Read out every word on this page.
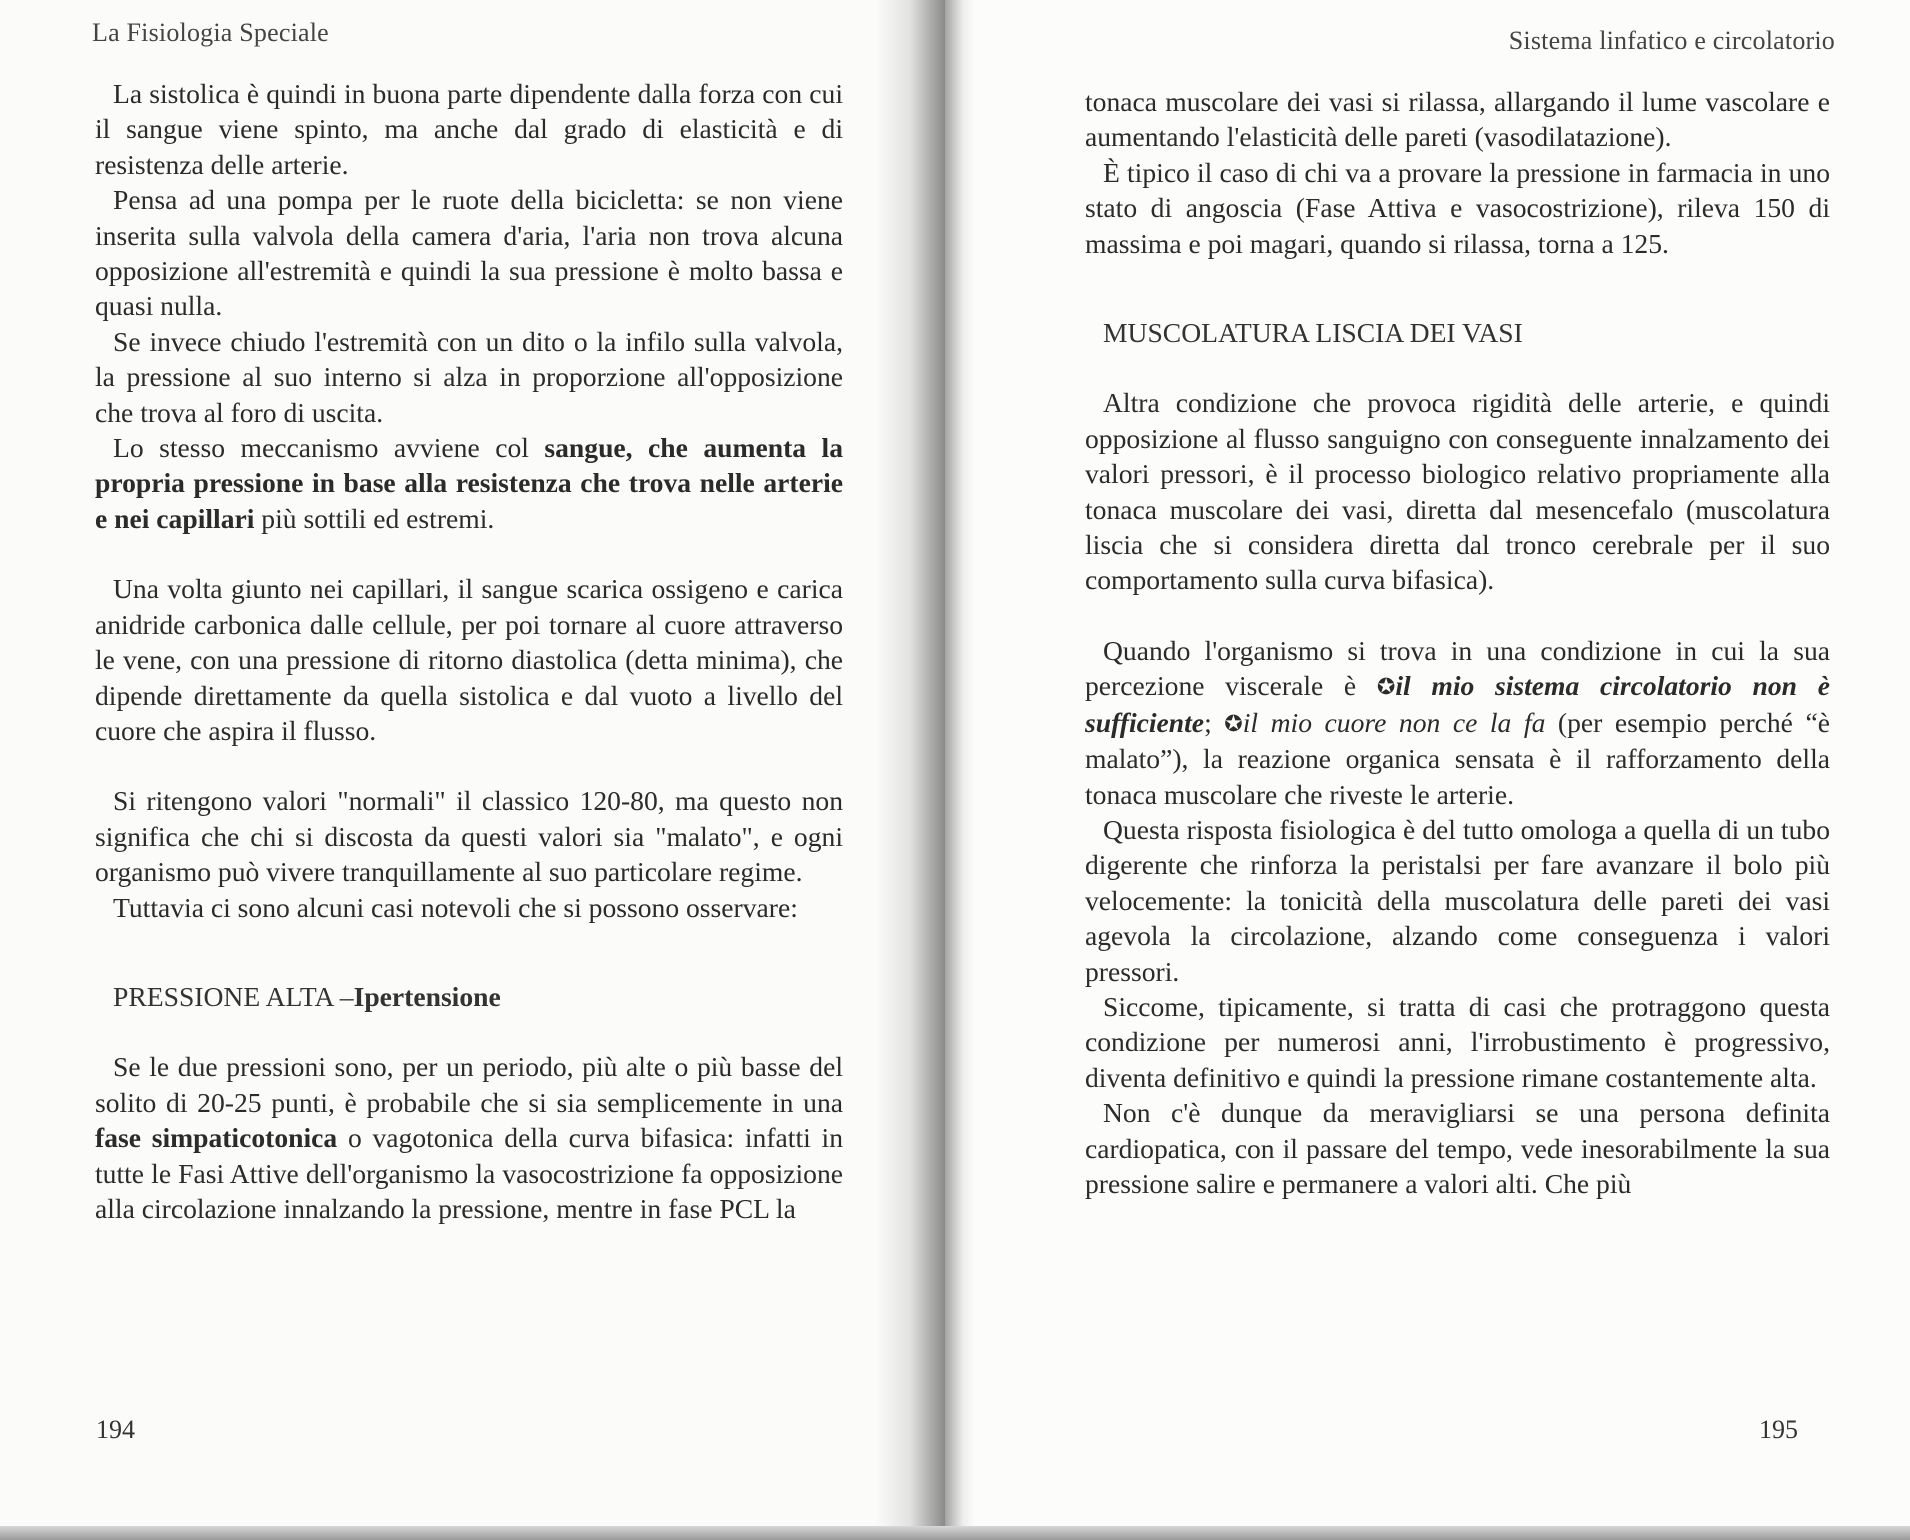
La Fisiologia Speciale

La sistolica è quindi in buona parte dipendente dalla forza con cui il sangue viene spinto, ma anche dal grado di elasticità e di resistenza delle arterie.

Pensa ad una pompa per le ruote della bicicletta: se non viene inserita sulla valvola della camera d'aria, l'aria non trova alcuna opposizione all'estremità e quindi la sua pressione è molto bassa e quasi nulla.

Se invece chiudo l'estremità con un dito o la infilo sulla valvola, la pressione al suo interno si alza in proporzione all'opposizione che trova al foro di uscita.

Lo stesso meccanismo avviene col sangue, che aumenta la propria pressione in base alla resistenza che trova nelle arterie e nei capillari più sottili ed estremi.

Una volta giunto nei capillari, il sangue scarica ossigeno e carica anidride carbonica dalle cellule, per poi tornare al cuore attraverso le vene, con una pressione di ritorno diastolica (detta minima), che dipende direttamente da quella sistolica e dal vuoto a livello del cuore che aspira il flusso.

Si ritengono valori "normali" il classico 120-80, ma questo non significa che chi si discosta da questi valori sia "malato", e ogni organismo può vivere tranquillamente al suo particolare regime.

Tuttavia ci sono alcuni casi notevoli che si possono osservare:

PRESSIONE ALTA –Ipertensione

Se le due pressioni sono, per un periodo, più alte o più basse del solito di 20-25 punti, è probabile che si sia semplicemente in una fase simpaticotonica o vagotonica della curva bifasica: infatti in tutte le Fasi Attive dell'organismo la vasocostrizione fa opposizione alla circolazione innalzando la pressione, mentre in fase PCL la

194
Sistema linfatico e circolatorio

tonaca muscolare dei vasi si rilassa, allargando il lume vascolare e aumentando l'elasticità delle pareti (vasodilatazione).

È tipico il caso di chi va a provare la pressione in farmacia in uno stato di angoscia (Fase Attiva e vasocostrizione), rileva 150 di massima e poi magari, quando si rilassa, torna a 125.

MUSCOLATURA LISCIA DEI VASI

Altra condizione che provoca rigidità delle arterie, e quindi opposizione al flusso sanguigno con conseguente innalzamento dei valori pressori, è il processo biologico relativo propriamente alla tonaca muscolare dei vasi, diretta dal mesencefalo (muscolatura liscia che si considera diretta dal tronco cerebrale per il suo comportamento sulla curva bifasica).

Quando l'organismo si trova in una condizione in cui la sua percezione viscerale è ✪il mio sistema circolatorio non è sufficiente; ✪il mio cuore non ce la fa (per esempio perché “è malato”), la reazione organica sensata è il rafforzamento della tonaca muscolare che riveste le arterie.

Questa risposta fisiologica è del tutto omologa a quella di un tubo digerente che rinforza la peristalsi per fare avanzare il bolo più velocemente: la tonicità della muscolatura delle pareti dei vasi agevola la circolazione, alzando come conseguenza i valori pressori.

Siccome, tipicamente, si tratta di casi che protraggono questa condizione per numerosi anni, l'irrobustimento è progressivo, diventa definitivo e quindi la pressione rimane costantemente alta.

Non c'è dunque da meravigliarsi se una persona definita cardiopatica, con il passare del tempo, vede inesorabilmente la sua pressione salire e permanere a valori alti. Che più

195
